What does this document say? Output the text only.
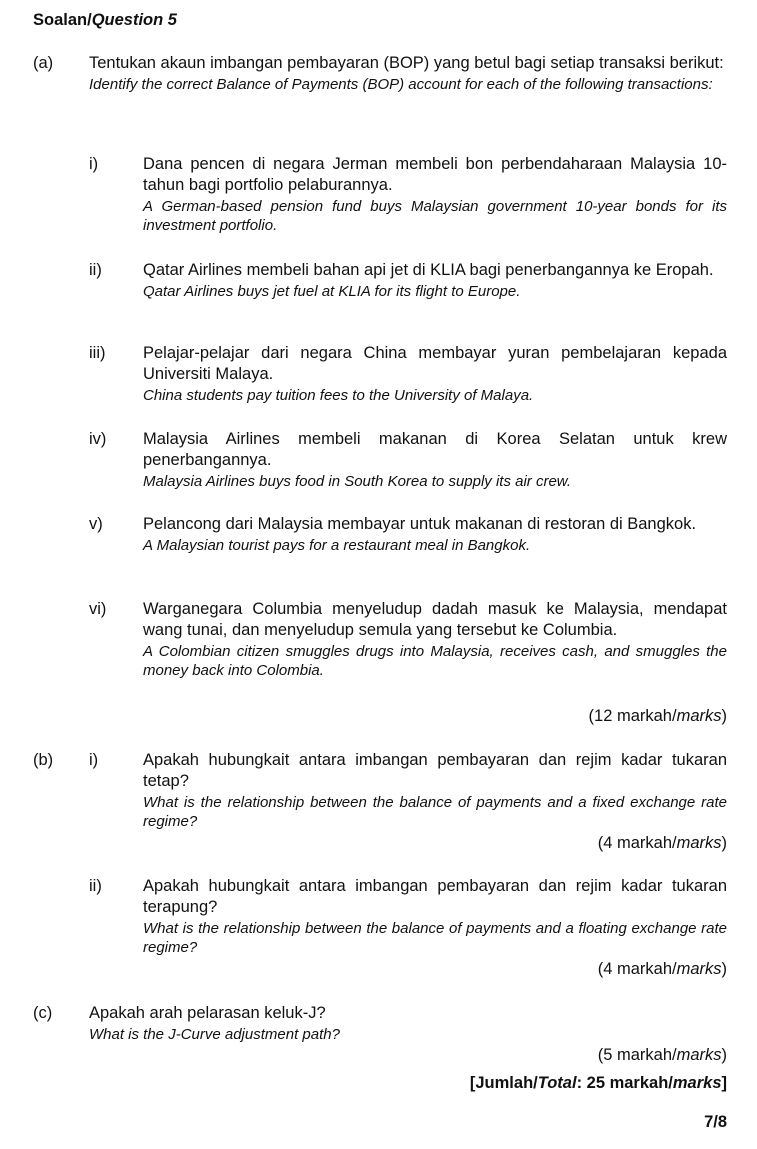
Soalan/Question 5
(a) Tentukan akaun imbangan pembayaran (BOP) yang betul bagi setiap transaksi berikut:
Identify the correct Balance of Payments (BOP) account for each of the following transactions:
i)	Dana pencen di negara Jerman membeli bon perbendaharaan Malaysia 10-tahun bagi portfolio pelaburannya.
A German-based pension fund buys Malaysian government 10-year bonds for its investment portfolio.
ii) Qatar Airlines membeli bahan api jet di KLIA bagi penerbangannya ke Eropah.
Qatar Airlines buys jet fuel at KLIA for its flight to Europe.
iii) Pelajar-pelajar dari negara China membayar yuran pembelajaran kepada Universiti Malaya.
China students pay tuition fees to the University of Malaya.
iv) Malaysia Airlines membeli makanan di Korea Selatan untuk krew penerbangannya.
Malaysia Airlines buys food in South Korea to supply its air crew.
v) Pelancong dari Malaysia membayar untuk makanan di restoran di Bangkok.
A Malaysian tourist pays for a restaurant meal in Bangkok.
vi) Warganegara Columbia menyeludup dadah masuk ke Malaysia, mendapat wang tunai, dan menyeludup semula yang tersebut ke Columbia.
A Colombian citizen smuggles drugs into Malaysia, receives cash, and smuggles the money back into Colombia.
(12 markah/marks)
(b) i)	Apakah hubungkait antara imbangan pembayaran dan rejim kadar tukaran tetap?
What is the relationship between the balance of payments and a fixed exchange rate regime?
(4 markah/marks)
ii) Apakah hubungkait antara imbangan pembayaran dan rejim kadar tukaran terapung?
What is the relationship between the balance of payments and a floating exchange rate regime?
(4 markah/marks)
(c) Apakah arah pelarasan keluk-J?
What is the J-Curve adjustment path?
(5 markah/marks)
[Jumlah/Total: 25 markah/marks]
7/8
